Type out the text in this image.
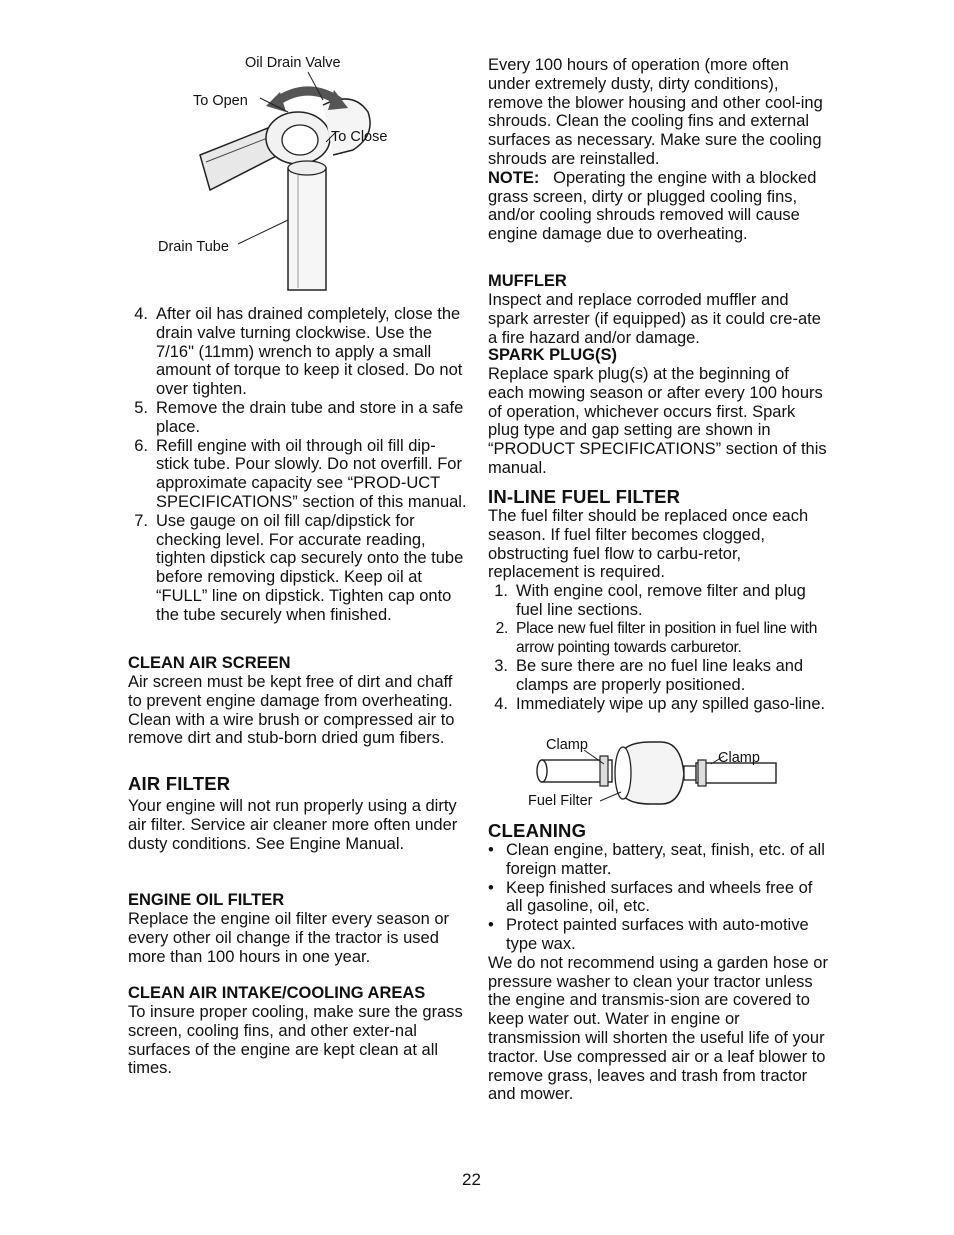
Oil Drain Valve
To Open
To Close
Drain Tube
4. After oil has drained completely, close the drain valve turning clockwise. Use the 7/16" (11mm) wrench to apply a small amount of torque to keep it closed. Do not over tighten.
5. Remove the drain tube and store in a safe place.
6. Refill engine with oil through oil fill dip-stick tube. Pour slowly. Do not overfill. For approximate capacity see “PROD-UCT SPECIFICATIONS” section of this manual.
7. Use gauge on oil fill cap/dipstick for checking level. For accurate reading, tighten dipstick cap securely onto the tube before removing dipstick. Keep oil at “FULL” line on dipstick. Tighten cap onto the tube securely when finished.

CLEAN AIR SCREEN

Air screen must be kept free of dirt and chaff to prevent engine damage from overheating. Clean with a wire brush or compressed air to remove dirt and stub-born dried gum fibers.

AIR FILTER

Your engine will not run properly using a dirty air filter. Service air cleaner more often under dusty conditions. See Engine Manual.

ENGINE OIL FILTER

Replace the engine oil filter every season or every other oil change if the tractor is used more than 100 hours in one year.

CLEAN AIR INTAKE/COOLING AREAS

To insure proper cooling, make sure the grass screen, cooling fins, and other exter-nal surfaces of the engine are kept clean at all times.

Every 100 hours of operation (more often under extremely dusty, dirty conditions), remove the blower housing and other cool-ing shrouds. Clean the cooling fins and external surfaces as necessary. Make sure the cooling shrouds are reinstalled.

NOTE: Operating the engine with a blocked grass screen, dirty or plugged cooling fins, and/or cooling shrouds removed will cause engine damage due to overheating.

MUFFLER

Inspect and replace corroded muffler and spark arrester (if equipped) as it could cre-ate a fire hazard and/or damage.

SPARK PLUG(S)

Replace spark plug(s) at the beginning of each mowing season or after every 100 hours of operation, whichever occurs first. Spark plug type and gap setting are shown in “PRODUCT SPECIFICATIONS” section of this manual.

IN-LINE FUEL FILTER

The fuel filter should be replaced once each season. If fuel filter becomes clogged, obstructing fuel flow to carbu-retor, replacement is required.

1. With engine cool, remove filter and plug fuel line sections.
2. Place new fuel filter in position in fuel line with arrow pointing towards carburetor.
3. Be sure there are no fuel line leaks and clamps are properly positioned.
4. Immediately wipe up any spilled gaso-line.
Clamp
Clamp
Fuel Filter

CLEANING

• Clean engine, battery, seat, finish, etc. of all foreign matter.
• Keep finished surfaces and wheels free of all gasoline, oil, etc.
• Protect painted surfaces with auto-motive type wax.

We do not recommend using a garden hose or pressure washer to clean your tractor unless the engine and transmis-sion are covered to keep water out. Water in engine or transmission will shorten the useful life of your tractor. Use compressed air or a leaf blower to remove grass, leaves and trash from tractor and mower.

22
